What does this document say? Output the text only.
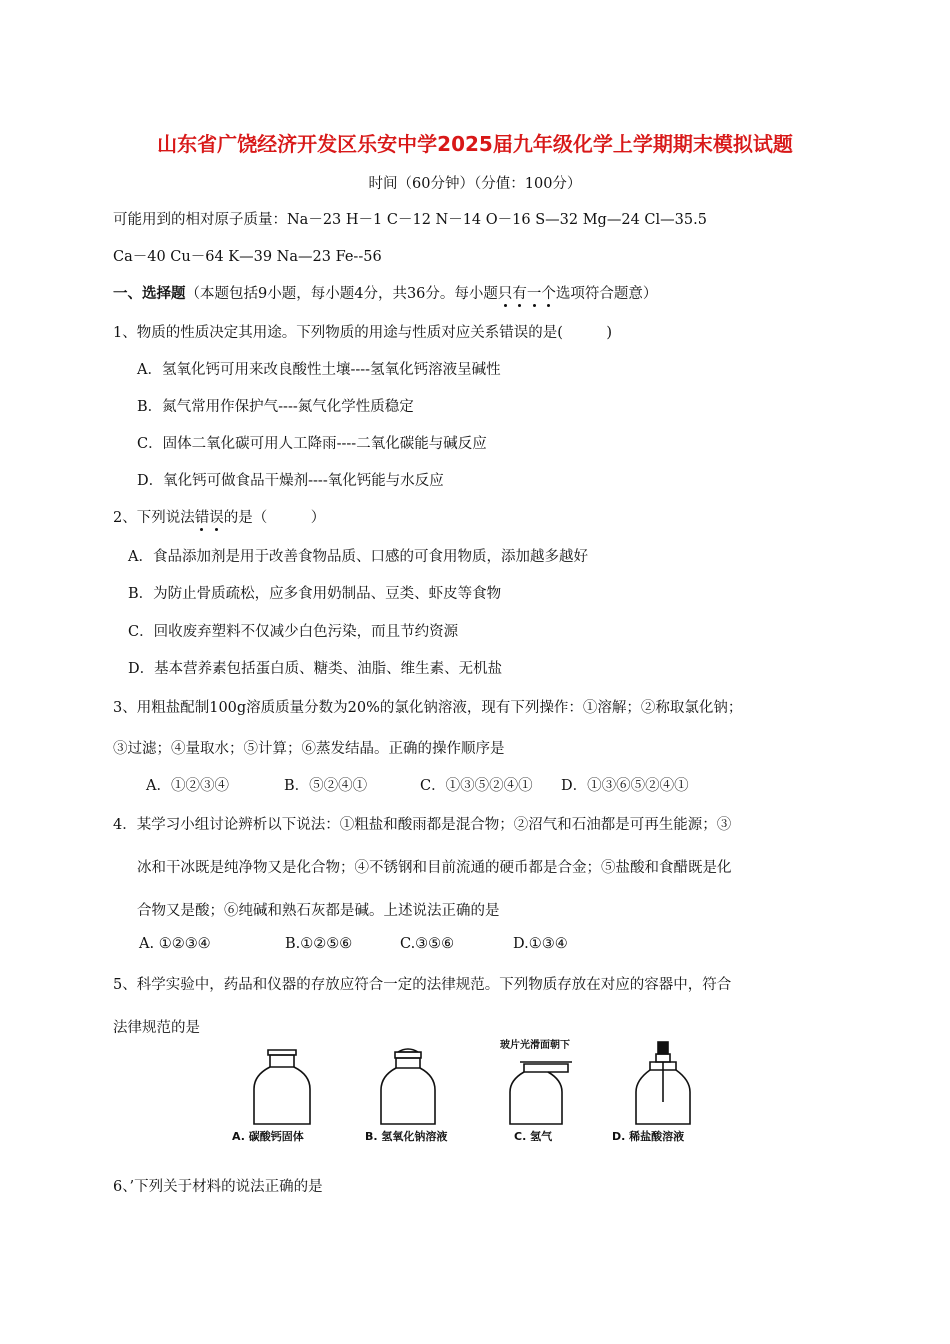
山东省广饶经济开发区乐安中学2025届九年级化学上学期期末模拟试题
时间（60分钟）（分值：100分）
可能用到的相对原子质量：Na－23 H－1 C－12 N－14 O－16 S—32 Mg—24 Cl—35.5
Ca－40 Cu－64 K—39 Na—23 Fe--56
一、选择题（本题包括9小题，每小题4分，共36分。每小题只有一个选项符合题意）
1、物质的性质决定其用途。下列物质的用途与性质对应关系错误的是(　　　)
A．氢氧化钙可用来改良酸性土壤----氢氧化钙溶液呈碱性
B．氮气常用作保护气----氮气化学性质稳定
C．固体二氧化碳可用人工降雨----二氧化碳能与碱反应
D．氧化钙可做食品干燥剂----氧化钙能与水反应
2、下列说法错误的是（　　　）
A．食品添加剂是用于改善食物品质、口感的可食用物质，添加越多越好
B．为防止骨质疏松，应多食用奶制品、豆类、虾皮等食物
C．回收废弃塑料不仅减少白色污染，而且节约资源
D．基本营养素包括蛋白质、糖类、油脂、维生素、无机盐
3、用粗盐配制100g溶质质量分数为20%的氯化钠溶液，现有下列操作：①溶解；②称取氯化钠；
③过滤；④量取水；⑤计算；⑥蒸发结晶。正确的操作顺序是
A．①②③④	B．⑤②④①	C．①③⑤②④① D．①③⑥⑤②④①
4．某学习小组讨论辨析以下说法：①粗盐和酸雨都是混合物；②沼气和石油都是可再生能源；③
冰和干冰既是纯净物又是化合物；④不锈钢和目前流通的硬币都是合金；⑤盐酸和食醋既是化
合物又是酸；⑥纯碱和熟石灰都是碱。上述说法正确的是
A. ①②③④	B.①②⑤⑥	C.③⑤⑥	D.①③④
5、科学实验中，药品和仪器的存放应符合一定的法律规范。下列物质存放在对应的容器中，符合
法律规范的是
玻片光滑面朝下
A. 碳酸钙固体	B. 氢氧化钠溶液	C. 氢气	D. 稀盐酸溶液
6、’下列关于材料的说法正确的是
